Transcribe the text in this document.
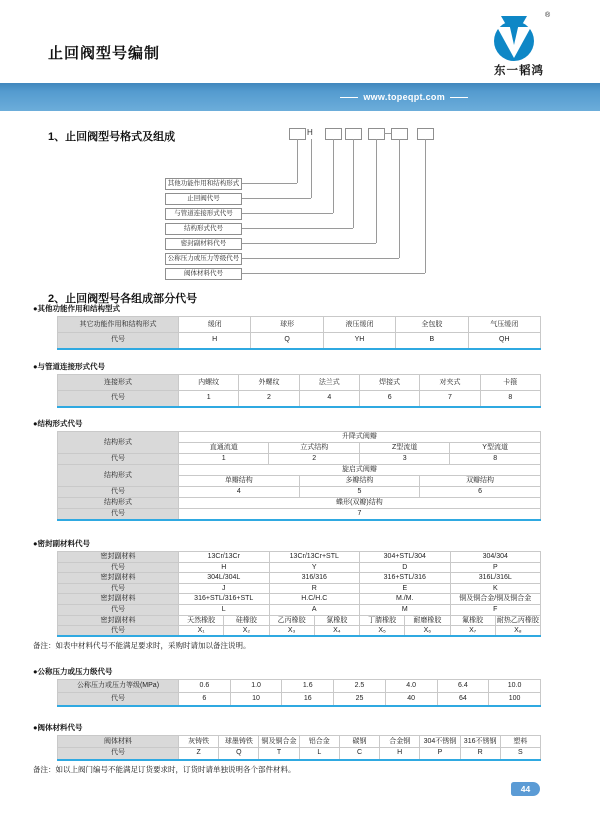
止回阀型号编制
®
东一韬鸿
www.topeqpt.com
1、止回阀型号格式及组成	H
其他功能作用和结构形式
止回阀代号
与管道连接形式代号
结构形式代号
密封副材料代号
公称压力或压力等级代号
阀体材料代号
2、止回阀型号各组成部分代号
●其他功能作用和结构型式
其它功能作用和结构形式	缓闭	球形	液压缓闭	全包胶	气压缓闭
代号	H	Q	YH	B	QH
●与管道连接形式代号
连接形式	内螺纹	外螺纹	法兰式	焊接式	对夹式	卡箍
代号	1	2	4	6	7	8
●结构形式代号
结构形式	升降式阀瓣					
	直通流道	立式结构		Z型流道		Y型流道
代号	1	2		3		8
结构形式	旋启式阀瓣					
	单瓣结构		多瓣结构		双瓣结构	
代号	4		5		6	
结构形式	蝶形(双瓣)结构					
代号	7					
●密封副材料代号
密封副材料	13Cr/13Cr		13Cr/13Cr+STL		304+STL/304		304/304	
代号	H		Y		D		P	
密封副材料	304L/304L		316/316		316+STL/316		316L/316L	
代号	J		R		E		K	
密封副材料	316+STL/316+STL		H.C/H.C		M./M.		铜及铜合金/铜及铜合金	
代号	L		A		M		F	
密封副材料	天然橡胶	硅橡胶	乙丙橡胶	氯橡胶	丁腈橡胶	耐磨橡胶	氟橡胶	耐热乙丙橡胶
代号	X₁	X₂	X₃	X₄	X₅	X₆	X₇	X₈
备注：如表中材料代号不能满足要求时，采购时请加以备注说明。
●公称压力或压力级代号
公称压力或压力等级(MPa)	0.6	1.0	1.6	2.5	4.0	6.4	10.0
代号	6	10	16	25	40	64	100
●阀体材料代号
阀体材料	灰铸铁	球墨铸铁	铜及铜合金	铝合金	碳钢	合金钢	304不锈钢	316不锈钢	塑料
代号	Z	Q	T	L	C	H	P	R	S
备注：如以上阀门编号不能满足订货要求时，订货时请单独说明各个部件材料。
44
